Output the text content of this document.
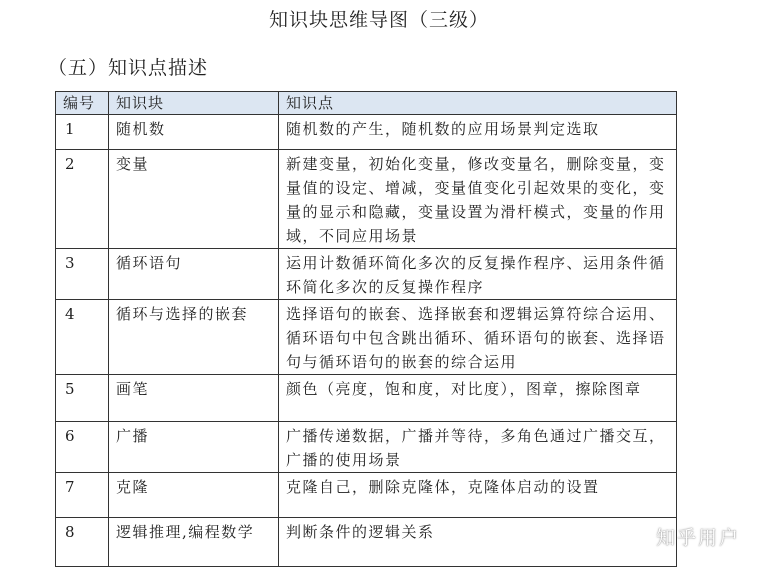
知识块思维导图（三级）
（五）知识点描述
编号	知识块	知识点
1	随机数	随机数的产生，随机数的应用场景判定选取
2	变量	新建变量，初始化变量，修改变量名，删除变量，变量值的设定、增减，变量值变化引起效果的变化，变量的显示和隐藏，变量设置为滑杆模式，变量的作用域，不同应用场景
3	循环语句	运用计数循环简化多次的反复操作程序、运用条件循环简化多次的反复操作程序
4	循环与选择的嵌套	选择语句的嵌套、选择嵌套和逻辑运算符综合运用、循环语句中包含跳出循环、循环语句的嵌套、选择语句与循环语句的嵌套的综合运用
5	画笔	颜色（亮度，饱和度，对比度），图章，擦除图章
6	广播	广播传递数据，广播并等待，多角色通过广播交互，广播的使用场景
7	克隆	克隆自己，删除克隆体，克隆体启动的设置
8	逻辑推理,编程数学	判断条件的逻辑关系	知乎用户
